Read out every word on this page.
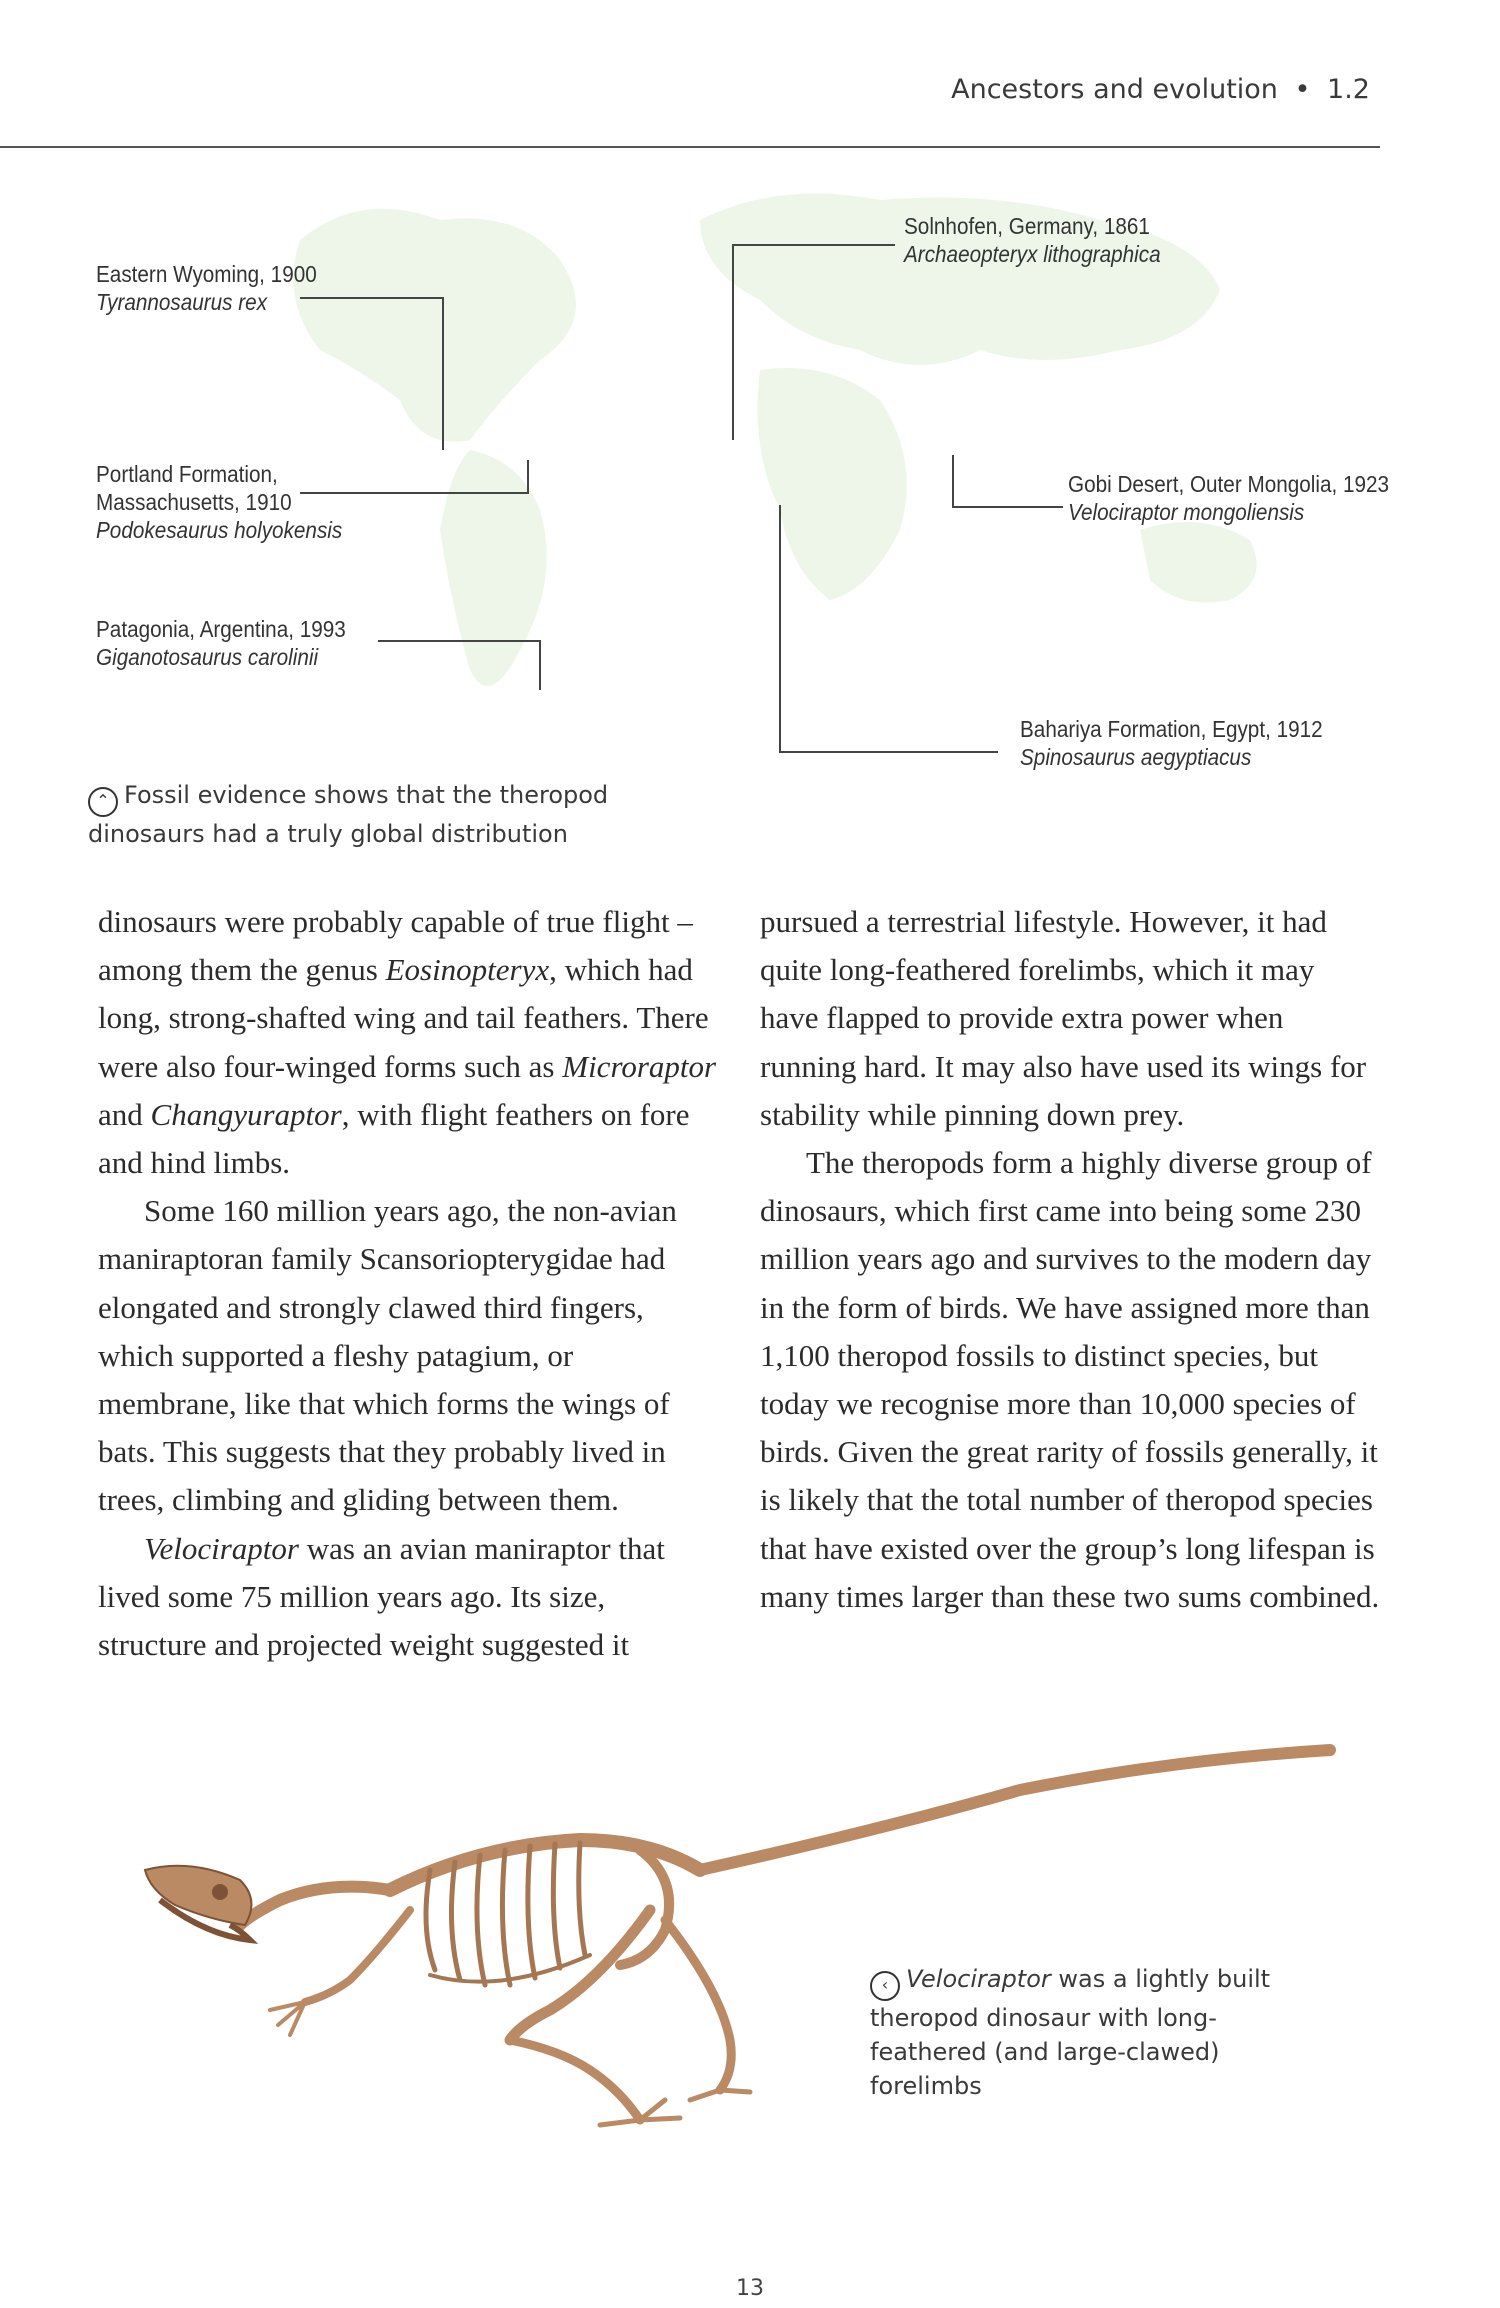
Ancestors and evolution • 1.2
Eastern Wyoming, 1900
Tyrannosaurus rex
Portland Formation,
Massachusetts, 1910
Podokesaurus holyokensis
Patagonia, Argentina, 1993
Giganotosaurus carolinii
Solnhofen, Germany, 1861
Archaeopteryx lithographica
Gobi Desert, Outer Mongolia, 1923
Velociraptor mongoliensis
Bahariya Formation, Egypt, 1912
Spinosaurus aegyptiacus
⌃ Fossil evidence shows that the theropod
dinosaurs had a truly global distribution

dinosaurs were probably capable of true flight – among them the genus Eosinopteryx, which had long, strong-shafted wing and tail feathers. There were also four-winged forms such as Microraptor and Changyuraptor, with flight feathers on fore and hind limbs.

Some 160 million years ago, the non-avian maniraptoran family Scansoriopterygidae had elongated and strongly clawed third fingers, which supported a fleshy patagium, or membrane, like that which forms the wings of bats. This suggests that they probably lived in trees, climbing and gliding between them.

Velociraptor was an avian maniraptor that lived some 75 million years ago. Its size, structure and projected weight suggested it

pursued a terrestrial lifestyle. However, it had quite long-feathered forelimbs, which it may have flapped to provide extra power when running hard. It may also have used its wings for stability while pinning down prey.

The theropods form a highly diverse group of dinosaurs, which first came into being some 230 million years ago and survives to the modern day in the form of birds. We have assigned more than 1,100 theropod fossils to distinct species, but today we recognise more than 10,000 species of birds. Given the great rarity of fossils generally, it is likely that the total number of theropod species that have existed over the group’s long lifespan is many times larger than these two sums combined.

‹ Velociraptor was a lightly built
theropod dinosaur with long-
feathered (and large-clawed)
forelimbs
13
